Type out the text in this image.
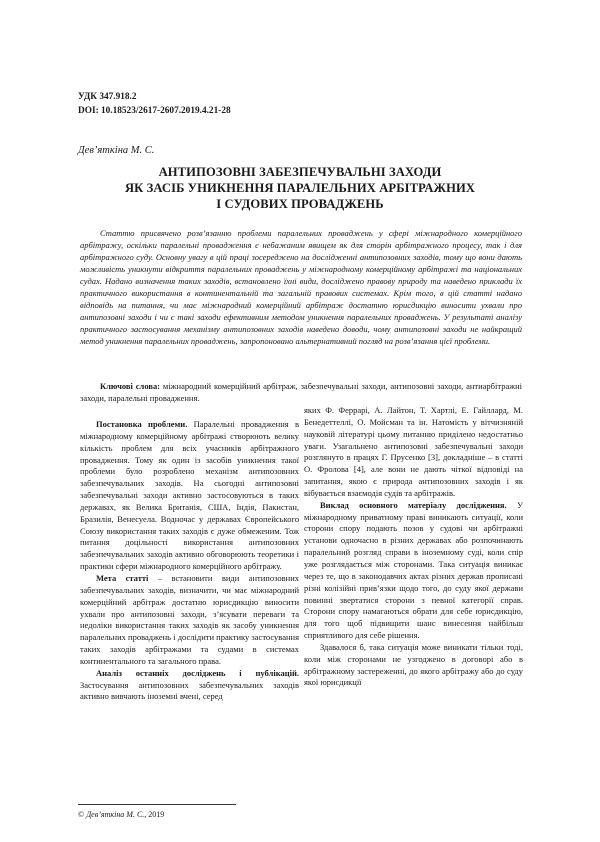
УДК 347.918.2
DOI: 10.18523/2617-2607.2019.4.21-28
Дев’яткіна М. С.
АНТИПОЗОВНІ ЗАБЕЗПЕЧУВАЛЬНІ ЗАХОДИ
ЯК ЗАСІБ УНИКНЕННЯ ПАРАЛЕЛЬНИХ АРБІТРАЖНИХ
І СУДОВИХ ПРОВАДЖЕНЬ

Статтю присвячено розв’язанню проблеми паралельних проваджень у сфері міжнародного комерційного арбітражу, оскільки паралельні провадження є небажаним явищем як для сторін арбітражного процесу, так і для арбітражного суду. Основну увагу в цій праці зосереджено на дослідженні антипозовних заходів, тому що вони дають можливість уникнути відкриття паралельних проваджень у міжнародному комерційному арбітражі та національних судах. Надано визначення таких заходів, встановлено їхні види, досліджено правову природу та наведено приклади їх практичного використання в континентальній та загальній правових системах. Крім того, в цій статті надано відповідь на питання, чи має міжнародний комерційний арбітраж достатню юрисдикцію виносити ухвали про антипозовні заходи і чи є такі заходи ефективним методом уникнення паралельних проваджень. У результаті аналізу практичного застосування механізму антипозовних заходів наведено доводи, чому антипозовні заходи не найкращий метод уникнення паралельних проваджень, запропоновано альтернативний погляд на розв’язання цієї проблеми.

Ключові слова: міжнародний комерційний арбітраж, забезпечувальні заходи, антипозовні заходи, антиарбітражні заходи, паралельні провадження.

Постановка проблеми. Паралельні провадження в міжнародному комерційному арбітражі створюють велику кількість проблем для всіх учасників арбітражного провадження. Тому як один із засобів уникнення такої проблеми було розроблено механізм антипозовних забезпечувальних заходів. На сьогодні антипозовні забезпечувальні заходи активно застосовуються в таких державах, як Велика Британія, США, Індія, Пакистан, Бразилія, Венесуела. Водночас у державах Європейського Союзу використання таких заходів є дуже обмеженим. Тож питання доцільності використання антипозовних забезпечувальних заходів активно обговорюють теоретики і практики сфери міжнародного комерційного арбітражу.

Мета статті – встановити види антипозовних забезпечувальних заходів, визначити, чи має міжнародний комерційний арбітраж достатню юрисдикцію виносити ухвали про антипозовні заходи, з’ясувати переваги та недоліки використання таких заходів як засобу уникнення паралельних проваджень і дослідити практику застосування таких заходів арбітражами та судами в системах континентального та загального права.

Аналіз останніх досліджень і публікацій. Застосування антипозовних забезпечувальних заходів активно вивчають іноземні вчені, серед

яких Ф. Феррарі, А. Лайтон, Т. Хартлі, Е. Гайллард, М. Бенедеттеллі, О. Мойсман та ін. Натомість у вітчизняній науковій літературі цьому питанню приділено недостатньо уваги. Узагальнено антипозовні забезпечувальні заходи розглянуто в працях Г. Прусенко [3], докладніше – в статті О. Фролова [4], але вони не дають чіткої відповіді на запитання, якою є природа антипозовних заходів і як вібувається взаємодія судів та арбітражів.

Виклад основного матеріалу дослідження. У міжнародному приватному праві виникають ситуації, коли сторони спору подають позов у судові чи арбітражні установи одночасно в різних державах або розпочинають паралельний розгляд справи в іноземному суді, коли спір уже розглядається між сторонами. Така ситуація виникає через те, що в законодавчих актах різних держав прописані різні колізійні прив’язки щодо того, до суду якої держави повинні звертатися сторони з певної категорії справ. Сторони спору намагаються обрати для себе юрисдикцію, для того щоб підвищити шанс винесення найбільш сприятливого для себе рішення.

Здавалося б, така ситуація може виникати тільки тоді, коли між сторонами не узгоджено в договорі або в арбітражному застереженні, до якого арбітражу або до суду якої юрисдикції

© Дев’яткіна М. С., 2019
